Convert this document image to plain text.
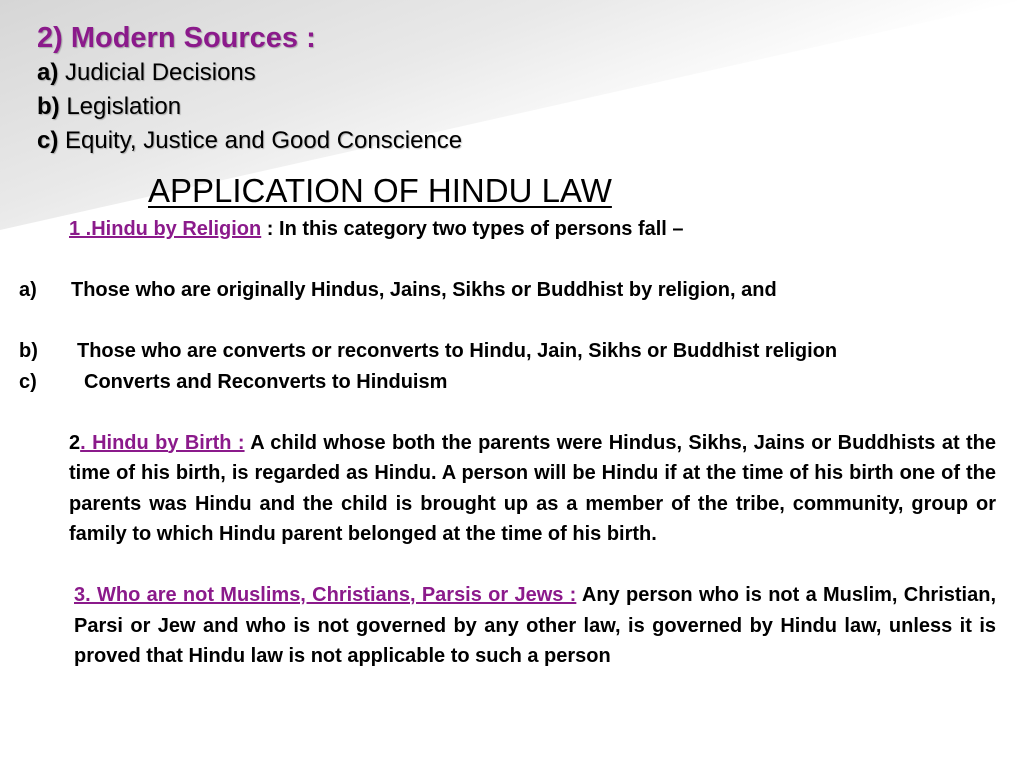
2) Modern Sources :
a) Judicial Decisions
b) Legislation
c) Equity, Justice and Good Conscience
APPLICATION OF HINDU LAW

1 .Hindu by Religion : In this category two types of persons fall –

a) Those who are originally Hindus, Jains, Sikhs or Buddhist by religion, and

b) Those who are converts or reconverts to Hindu, Jain, Sikhs or Buddhist religion

c) Converts and Reconverts to Hinduism

2. Hindu by Birth : A child whose both the parents were Hindus, Sikhs, Jains or Buddhists at the time of his birth, is regarded as Hindu. A person will be Hindu if at the time of his birth one of the parents was Hindu and the child is brought up as a member of the tribe, community, group or family to which Hindu parent belonged at the time of his birth.

3. Who are not Muslims, Christians, Parsis or Jews : Any person who is not a Muslim, Christian, Parsi or Jew and who is not governed by any other law, is governed by Hindu law, unless it is proved that Hindu law is not applicable to such a person
